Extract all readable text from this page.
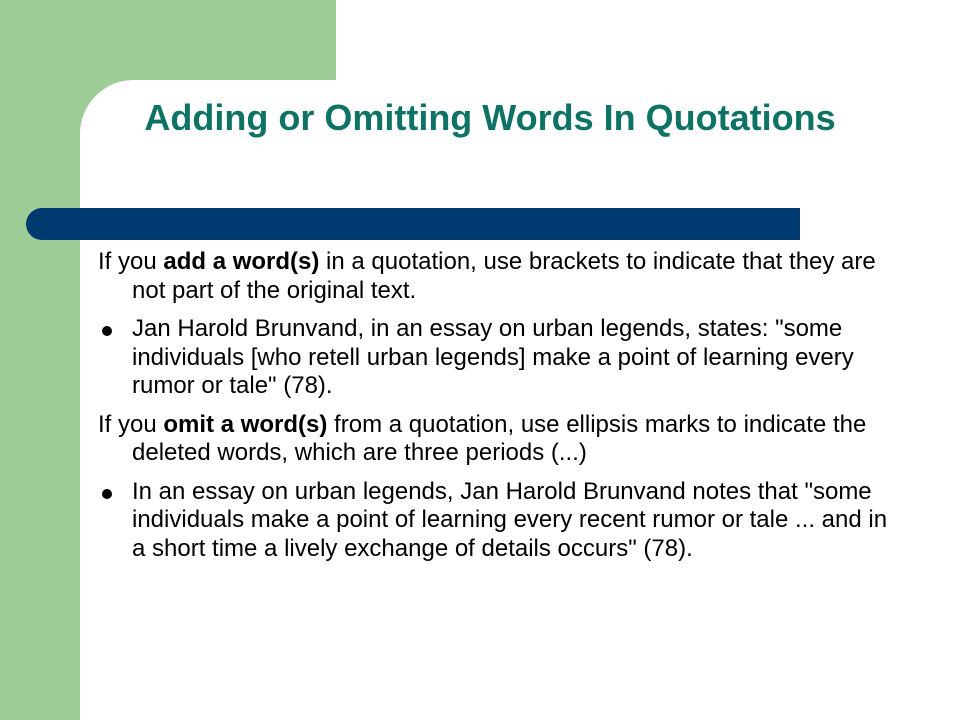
Adding or Omitting Words In Quotations

If you add a word(s) in a quotation, use brackets to indicate that they are not part of the original text.

Jan Harold Brunvand, in an essay on urban legends, states: "some individuals [who retell urban legends] make a point of learning every rumor or tale" (78).

If you omit a word(s) from a quotation, use ellipsis marks to indicate the deleted words, which are three periods (...)

In an essay on urban legends, Jan Harold Brunvand notes that "some individuals make a point of learning every recent rumor or tale ... and in a short time a lively exchange of details occurs" (78).
